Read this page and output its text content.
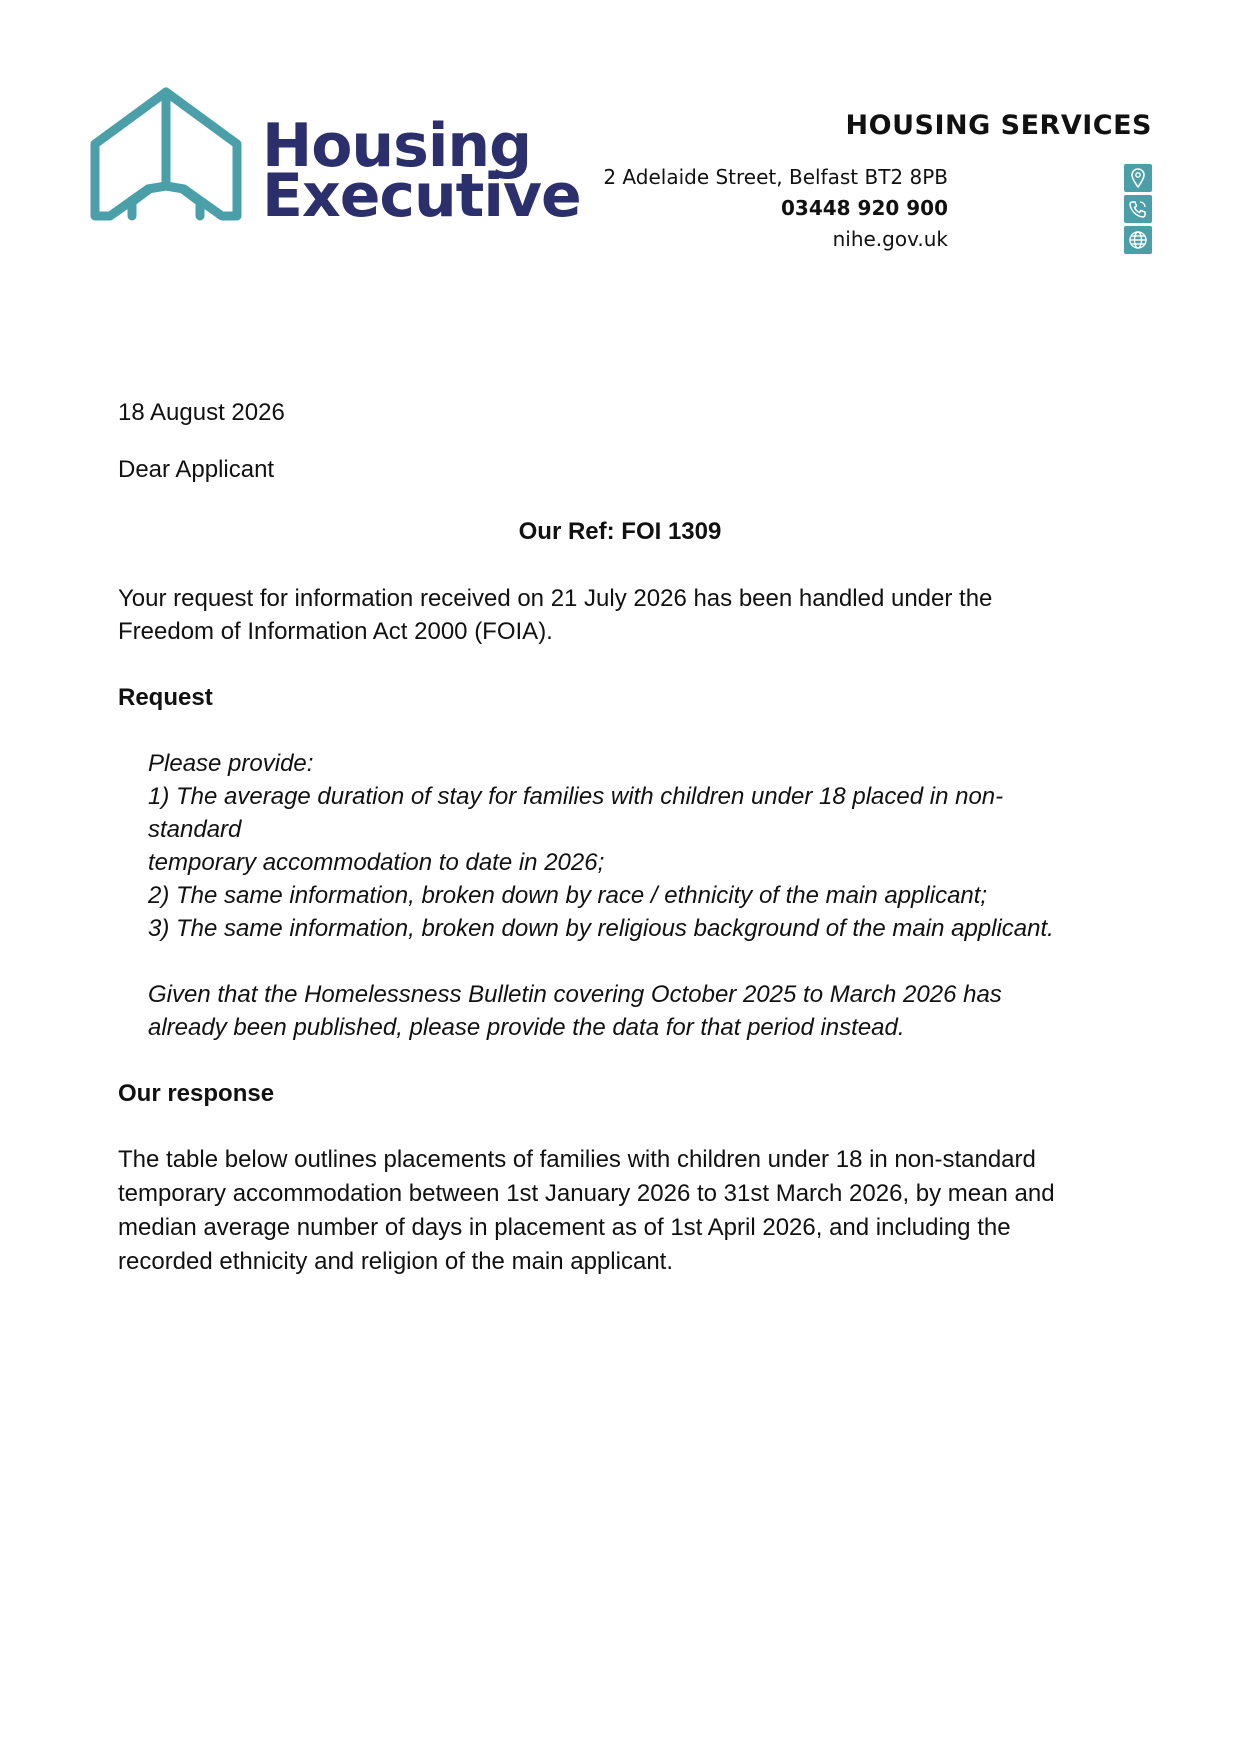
Housing
Executive
HOUSING SERVICES
2 Adelaide Street, Belfast BT2 8PB
03448 920 900
nihe.gov.uk
18 August 2026
Dear Applicant
Our Ref: FOI 1309
Your request for information received on 21 July 2026 has been handled under the
Freedom of Information Act 2000 (FOIA).
Request
Please provide:
1) The average duration of stay for families with children under 18 placed in non-
standard
temporary accommodation to date in 2026;
2) The same information, broken down by race / ethnicity of the main applicant;
3) The same information, broken down by religious background of the main applicant.
Given that the Homelessness Bulletin covering October 2025 to March 2026 has
already been published, please provide the data for that period instead.
Our response
The table below outlines placements of families with children under 18 in non-standard
temporary accommodation between 1st January 2026 to 31st March 2026, by mean and
median average number of days in placement as of 1st April 2026, and including the
recorded ethnicity and religion of the main applicant.
